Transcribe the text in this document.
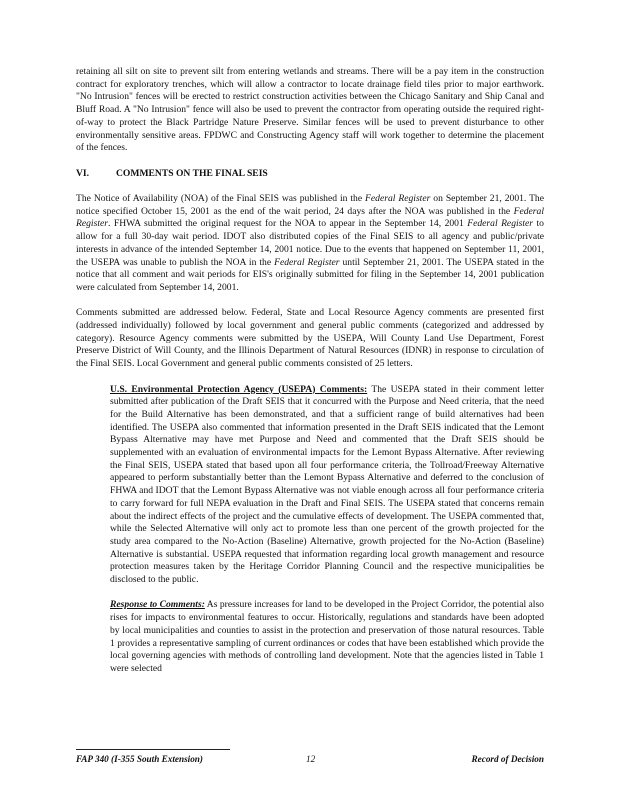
retaining all silt on site to prevent silt from entering wetlands and streams. There will be a pay item in the construction contract for exploratory trenches, which will allow a contractor to locate drainage field tiles prior to major earthwork. "No Intrusion" fences will be erected to restrict construction activities between the Chicago Sanitary and Ship Canal and Bluff Road. A "No Intrusion" fence will also be used to prevent the contractor from operating outside the required right-of-way to protect the Black Partridge Nature Preserve. Similar fences will be used to prevent disturbance to other environmentally sensitive areas. FPDWC and Constructing Agency staff will work together to determine the placement of the fences.

VI.	COMMENTS ON THE FINAL SEIS

The Notice of Availability (NOA) of the Final SEIS was published in the Federal Register on September 21, 2001. The notice specified October 15, 2001 as the end of the wait period, 24 days after the NOA was published in the Federal Register. FHWA submitted the original request for the NOA to appear in the September 14, 2001 Federal Register to allow for a full 30-day wait period. IDOT also distributed copies of the Final SEIS to all agency and public/private interests in advance of the intended September 14, 2001 notice. Due to the events that happened on September 11, 2001, the USEPA was unable to publish the NOA in the Federal Register until September 21, 2001. The USEPA stated in the notice that all comment and wait periods for EIS's originally submitted for filing in the September 14, 2001 publication were calculated from September 14, 2001.

Comments submitted are addressed below. Federal, State and Local Resource Agency comments are presented first (addressed individually) followed by local government and general public comments (categorized and addressed by category). Resource Agency comments were submitted by the USEPA, Will County Land Use Department, Forest Preserve District of Will County, and the Illinois Department of Natural Resources (IDNR) in response to circulation of the Final SEIS. Local Government and general public comments consisted of 25 letters.

U.S. Environmental Protection Agency (USEPA) Comments: The USEPA stated in their comment letter submitted after publication of the Draft SEIS that it concurred with the Purpose and Need criteria, that the need for the Build Alternative has been demonstrated, and that a sufficient range of build alternatives had been identified. The USEPA also commented that information presented in the Draft SEIS indicated that the Lemont Bypass Alternative may have met Purpose and Need and commented that the Draft SEIS should be supplemented with an evaluation of environmental impacts for the Lemont Bypass Alternative. After reviewing the Final SEIS, USEPA stated that based upon all four performance criteria, the Tollroad/Freeway Alternative appeared to perform substantially better than the Lemont Bypass Alternative and deferred to the conclusion of FHWA and IDOT that the Lemont Bypass Alternative was not viable enough across all four performance criteria to carry forward for full NEPA evaluation in the Draft and Final SEIS. The USEPA stated that concerns remain about the indirect effects of the project and the cumulative effects of development. The USEPA commented that, while the Selected Alternative will only act to promote less than one percent of the growth projected for the study area compared to the No-Action (Baseline) Alternative, growth projected for the No-Action (Baseline) Alternative is substantial. USEPA requested that information regarding local growth management and resource protection measures taken by the Heritage Corridor Planning Council and the respective municipalities be disclosed to the public.

Response to Comments: As pressure increases for land to be developed in the Project Corridor, the potential also rises for impacts to environmental features to occur. Historically, regulations and standards have been adopted by local municipalities and counties to assist in the protection and preservation of those natural resources. Table 1 provides a representative sampling of current ordinances or codes that have been established which provide the local governing agencies with methods of controlling land development. Note that the agencies listed in Table 1 were selected

FAP 340 (I-355 South Extension)	12	Record of Decision
